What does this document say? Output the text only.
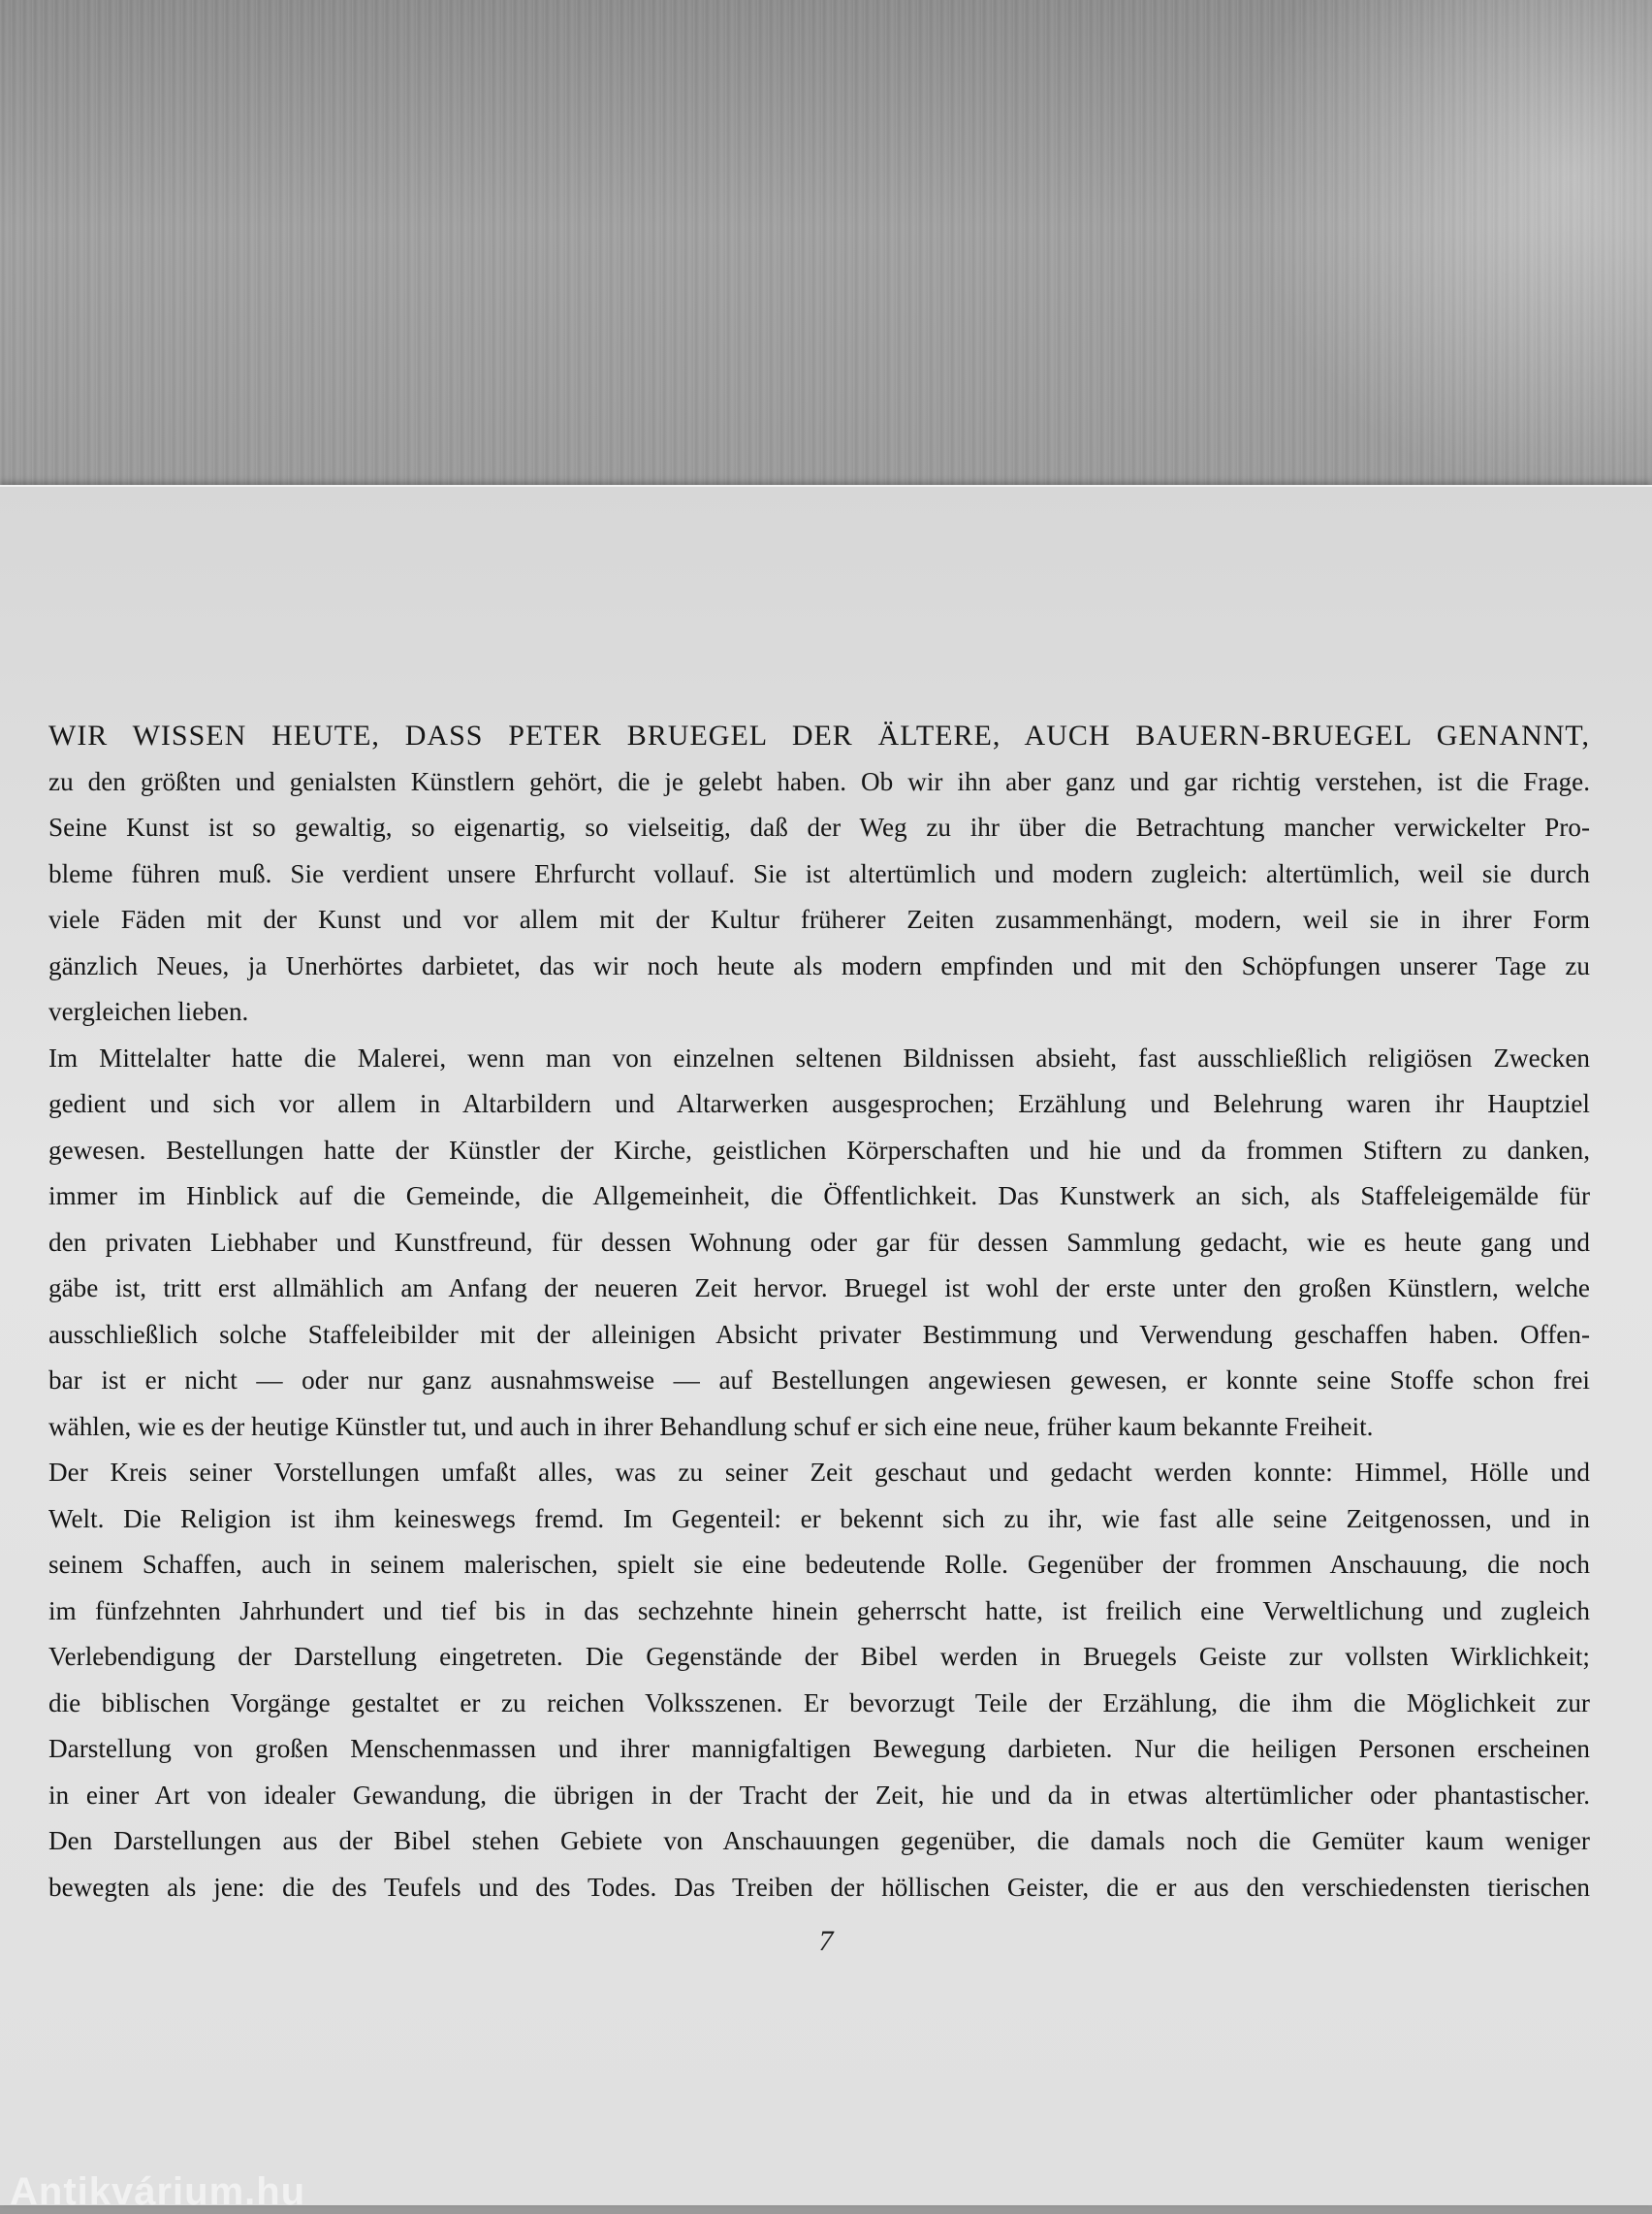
WIR WISSEN HEUTE, DASS PETER BRUEGEL DER ÄLTERE, AUCH BAUERN-BRUEGEL GENANNT,
zu den größten und genialsten Künstlern gehört, die je gelebt haben. Ob wir ihn aber ganz und gar richtig verstehen, ist die Frage.
Seine Kunst ist so gewaltig, so eigenartig, so vielseitig, daß der Weg zu ihr über die Betrachtung mancher verwickelter Pro-
bleme führen muß. Sie verdient unsere Ehrfurcht vollauf. Sie ist altertümlich und modern zugleich: altertümlich, weil sie durch
viele Fäden mit der Kunst und vor allem mit der Kultur früherer Zeiten zusammenhängt, modern, weil sie in ihrer Form
gänzlich Neues, ja Unerhörtes darbietet, das wir noch heute als modern empfinden und mit den Schöpfungen unserer Tage zu
vergleichen lieben.
Im Mittelalter hatte die Malerei, wenn man von einzelnen seltenen Bildnissen absieht, fast ausschließlich religiösen Zwecken
gedient und sich vor allem in Altarbildern und Altarwerken ausgesprochen; Erzählung und Belehrung waren ihr Hauptziel
gewesen. Bestellungen hatte der Künstler der Kirche, geistlichen Körperschaften und hie und da frommen Stiftern zu danken,
immer im Hinblick auf die Gemeinde, die Allgemeinheit, die Öffentlichkeit. Das Kunstwerk an sich, als Staffeleigemälde für
den privaten Liebhaber und Kunstfreund, für dessen Wohnung oder gar für dessen Sammlung gedacht, wie es heute gang und
gäbe ist, tritt erst allmählich am Anfang der neueren Zeit hervor. Bruegel ist wohl der erste unter den großen Künstlern, welche
ausschließlich solche Staffeleibilder mit der alleinigen Absicht privater Bestimmung und Verwendung geschaffen haben. Offen-
bar ist er nicht — oder nur ganz ausnahmsweise — auf Bestellungen angewiesen gewesen, er konnte seine Stoffe schon frei
wählen, wie es der heutige Künstler tut, und auch in ihrer Behandlung schuf er sich eine neue, früher kaum bekannte Freiheit.
Der Kreis seiner Vorstellungen umfaßt alles, was zu seiner Zeit geschaut und gedacht werden konnte: Himmel, Hölle und
Welt. Die Religion ist ihm keineswegs fremd. Im Gegenteil: er bekennt sich zu ihr, wie fast alle seine Zeitgenossen, und in
seinem Schaffen, auch in seinem malerischen, spielt sie eine bedeutende Rolle. Gegenüber der frommen Anschauung, die noch
im fünfzehnten Jahrhundert und tief bis in das sechzehnte hinein geherrscht hatte, ist freilich eine Verweltlichung und zugleich
Verlebendigung der Darstellung eingetreten. Die Gegenstände der Bibel werden in Bruegels Geiste zur vollsten Wirklichkeit;
die biblischen Vorgänge gestaltet er zu reichen Volksszenen. Er bevorzugt Teile der Erzählung, die ihm die Möglichkeit zur
Darstellung von großen Menschenmassen und ihrer mannigfaltigen Bewegung darbieten. Nur die heiligen Personen erscheinen
in einer Art von idealer Gewandung, die übrigen in der Tracht der Zeit, hie und da in etwas altertümlicher oder phantastischer.
Den Darstellungen aus der Bibel stehen Gebiete von Anschauungen gegenüber, die damals noch die Gemüter kaum weniger
bewegten als jene: die des Teufels und des Todes. Das Treiben der höllischen Geister, die er aus den verschiedensten tierischen
7
Antikvárium.hu
